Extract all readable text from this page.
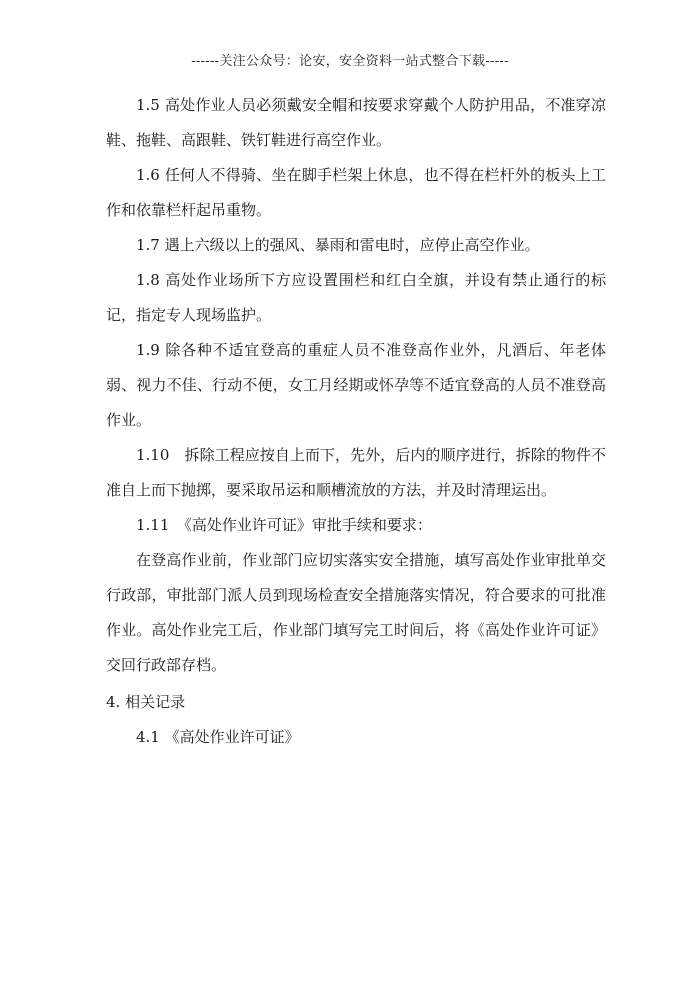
------关注公众号：论安，安全资料一站式整合下载-----

1.5 高处作业人员必须戴安全帽和按要求穿戴个人防护用品，不准穿凉鞋、拖鞋、高跟鞋、铁钉鞋进行高空作业。

1.6 任何人不得骑、坐在脚手栏架上休息，也不得在栏杆外的板头上工作和依靠栏杆起吊重物。

1.7 遇上六级以上的强风、暴雨和雷电时，应停止高空作业。

1.8 高处作业场所下方应设置围栏和红白全旗，并设有禁止通行的标记，指定专人现场监护。

1.9 除各种不适宜登高的重症人员不准登高作业外，凡酒后、年老体弱、视力不佳、行动不便，女工月经期或怀孕等不适宜登高的人员不准登高作业。

1.10　拆除工程应按自上而下，先外，后内的顺序进行，拆除的物件不准自上而下抛掷，要采取吊运和顺槽流放的方法，并及时清理运出。

1.11　《高处作业许可证》审批手续和要求：

在登高作业前，作业部门应切实落实安全措施，填写高处作业审批单交行政部，审批部门派人员到现场检查安全措施落实情况，符合要求的可批准作业。高处作业完工后，作业部门填写完工时间后，将《高处作业许可证》交回行政部存档。

4. 相关记录

4.1 《高处作业许可证》
